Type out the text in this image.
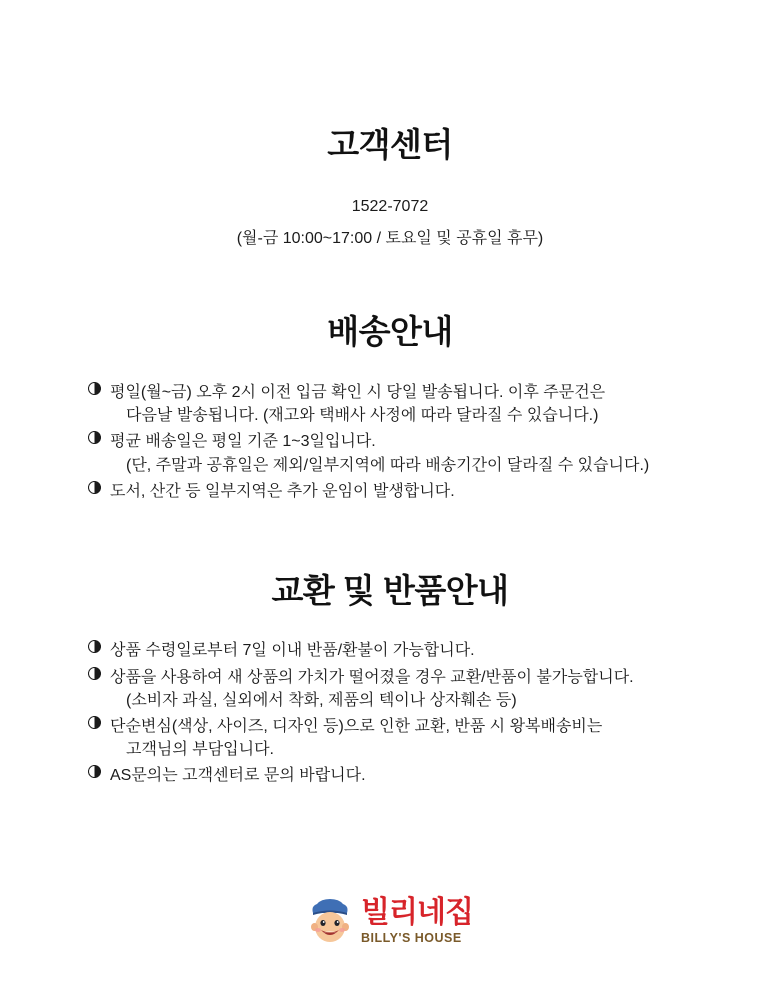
고객센터
1522-7072
(월-금 10:00~17:00 / 토요일 및 공휴일 휴무)
배송안내
평일(월~금) 오후 2시 이전 입금 확인 시 당일 발송됩니다. 이후 주문건은
다음날 발송됩니다. (재고와 택배사 사정에 따라 달라질 수 있습니다.)
평균 배송일은 평일 기준 1~3일입니다.
(단, 주말과 공휴일은 제외/일부지역에 따라 배송기간이 달라질 수 있습니다.)
도서, 산간 등 일부지역은 추가 운임이 발생합니다.
교환 및 반품안내
상품 수령일로부터 7일 이내 반품/환불이 가능합니다.
상품을 사용하여 새 상품의 가치가 떨어졌을 경우 교환/반품이 불가능합니다.
(소비자 과실, 실외에서 착화, 제품의 텍이나 상자훼손 등)
단순변심(색상, 사이즈, 디자인 등)으로 인한 교환, 반품 시 왕복배송비는
고객님의 부담입니다.
AS문의는 고객센터로 문의 바랍니다.
빌리네집
BILLY'S HOUSE
